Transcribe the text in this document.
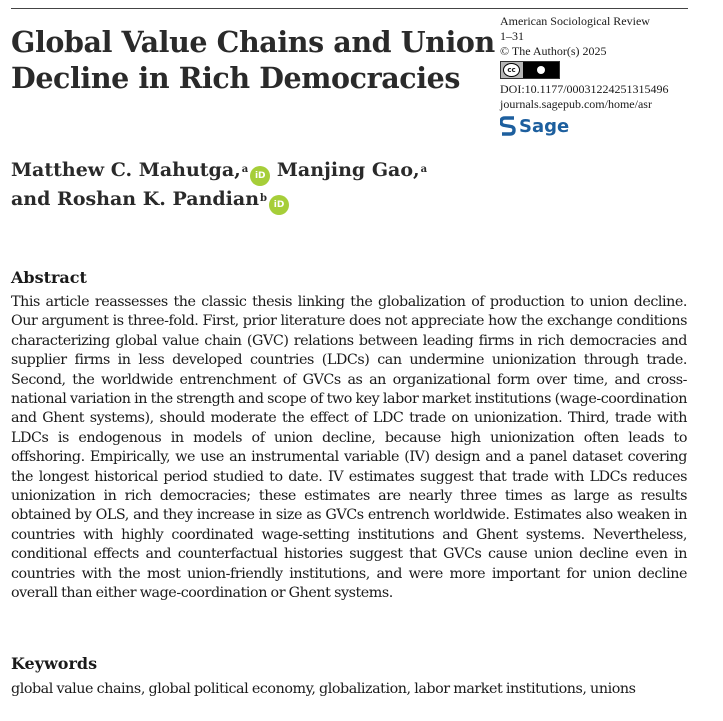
Global Value Chains and Union Decline in Rich Democracies
American Sociological Review
1–31
© The Author(s) 2025
cc
DOI:10.1177/00031224251315496
journals.sagepub.com/home/asr
Sage
Matthew C. Mahutga,$^a$iD Manjing Gao,$^a$
and Roshan K. Pandian$^b$iD
Abstract

This article reassesses the classic thesis linking the globalization of production to union decline. Our argument is three-fold. First, prior literature does not appreciate how the exchange conditions characterizing global value chain (GVC) relations between leading firms in rich democracies and supplier firms in less developed countries (LDCs) can undermine unionization through trade. Second, the worldwide entrenchment of GVCs as an organizational form over time, and cross-national variation in the strength and scope of two key labor market institutions (wage-coordination and Ghent systems), should moderate the effect of LDC trade on unionization. Third, trade with LDCs is endogenous in models of union decline, because high unionization often leads to offshoring. Empirically, we use an instrumental variable (IV) design and a panel dataset covering the longest historical period studied to date. IV estimates suggest that trade with LDCs reduces unionization in rich democracies; these estimates are nearly three times as large as results obtained by OLS, and they increase in size as GVCs entrench worldwide. Estimates also weaken in countries with highly coordinated wage-setting institutions and Ghent systems. Nevertheless, conditional effects and counterfactual histories suggest that GVCs cause union decline even in countries with the most union-friendly institutions, and were more important for union decline overall than either wage-coordination or Ghent systems.

Keywords
global value chains, global political economy, globalization, labor market institutions, unions
